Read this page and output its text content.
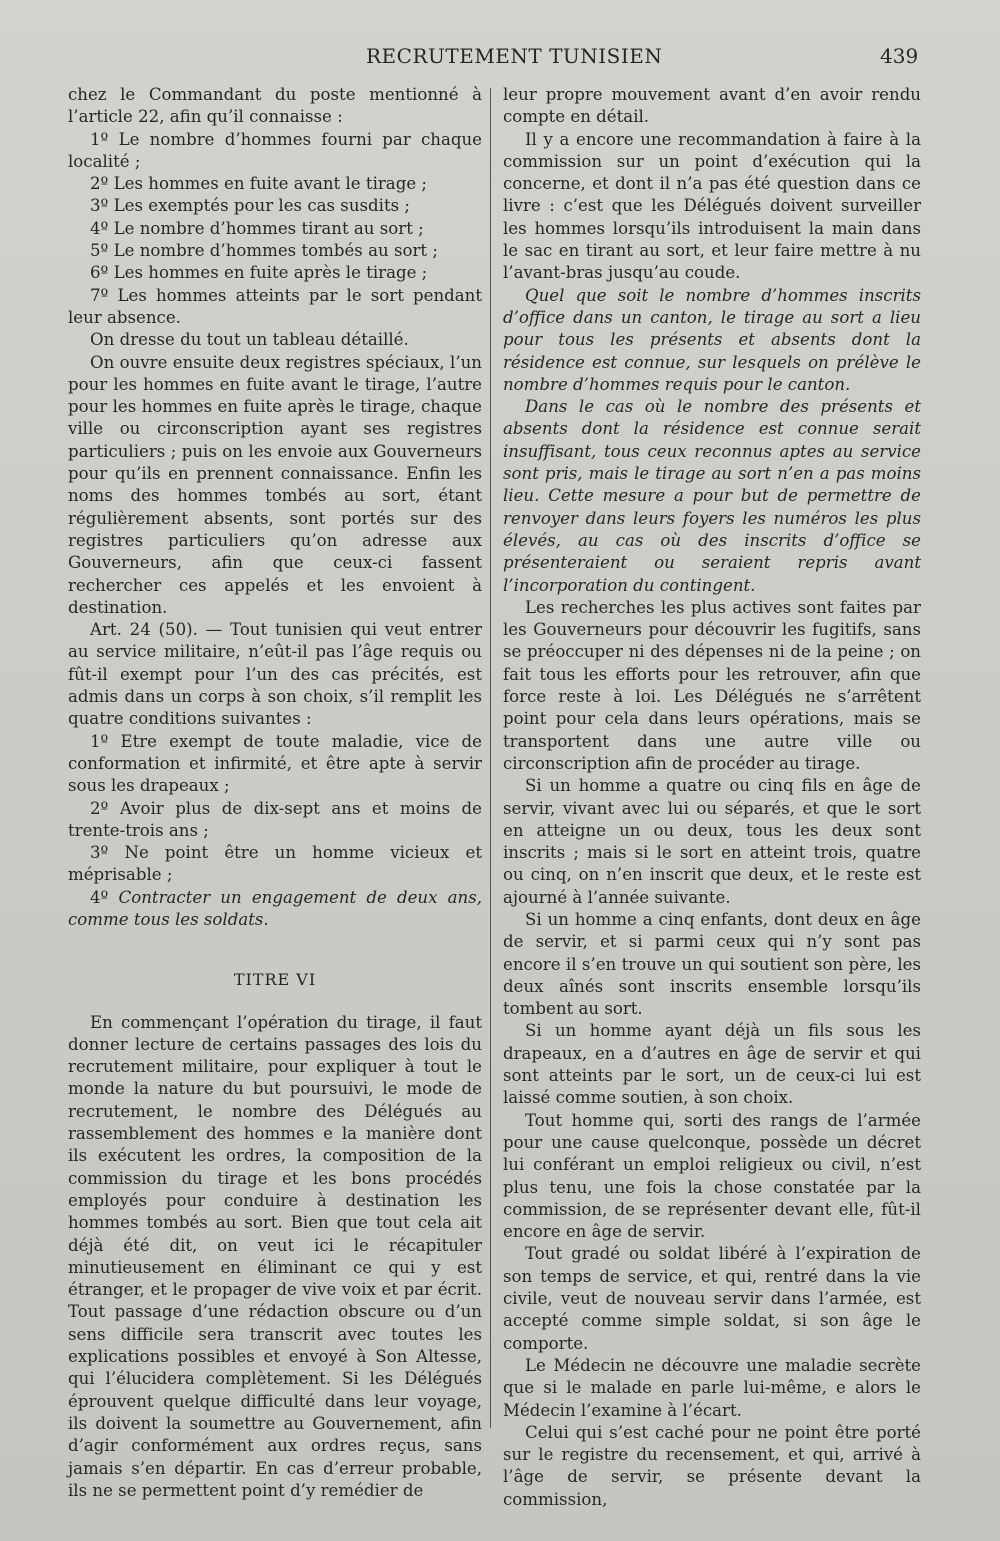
RECRUTEMENT TUNISIEN	439

chez le Commandant du poste mentionné à l’article 22, afin qu’il connaisse :

1º Le nombre d’hommes fourni par chaque localité ;

2º Les hommes en fuite avant le tirage ;

3º Les exemptés pour les cas susdits ;

4º Le nombre d’hommes tirant au sort ;

5º Le nombre d’hommes tombés au sort ;

6º Les hommes en fuite après le tirage ;

7º Les hommes atteints par le sort pendant leur absence.

On dresse du tout un tableau détaillé.

On ouvre ensuite deux registres spéciaux, l’un pour les hommes en fuite avant le tirage, l’autre pour les hommes en fuite après le tirage, chaque ville ou circonscription ayant ses registres particuliers ; puis on les envoie aux Gouverneurs pour qu’ils en prennent connaissance. Enfin les noms des hommes tombés au sort, étant régulièrement absents, sont portés sur des registres particuliers qu’on adresse aux Gouverneurs, afin que ceux-ci fassent rechercher ces appelés et les envoient à destination.

Art. 24 (50). — Tout tunisien qui veut entrer au service militaire, n’eût-il pas l’âge requis ou fût-il exempt pour l’un des cas précités, est admis dans un corps à son choix, s’il remplit les quatre conditions suivantes :

1º Etre exempt de toute maladie, vice de conformation et infirmité, et être apte à servir sous les drapeaux ;

2º Avoir plus de dix-sept ans et moins de trente-trois ans ;

3º Ne point être un homme vicieux et méprisable ;

4º Contracter un engagement de deux ans, comme tous les soldats.

TITRE VI

En commençant l’opération du tirage, il faut donner lecture de certains passages des lois du recrutement militaire, pour expliquer à tout le monde la nature du but poursuivi, le mode de recrutement, le nombre des Délégués au rassemblement des hommes e la manière dont ils exécutent les ordres, la composition de la commission du tirage et les bons procédés employés pour conduire à destination les hommes tombés au sort. Bien que tout cela ait déjà été dit, on veut ici le récapituler minutieusement en éliminant ce qui y est étranger, et le propager de vive voix et par écrit. Tout passage d’une rédaction obscure ou d’un sens difficile sera transcrit avec toutes les explications possibles et envoyé à Son Altesse, qui l’élucidera complètement. Si les Délégués éprouvent quelque difficulté dans leur voyage, ils doivent la soumettre au Gouvernement, afin d’agir conformément aux ordres reçus, sans jamais s’en départir. En cas d’erreur probable, ils ne se permettent point d’y remédier de

leur propre mouvement avant d’en avoir rendu compte en détail.

Il y a encore une recommandation à faire à la commission sur un point d’exécution qui la concerne, et dont il n’a pas été question dans ce livre : c’est que les Délégués doivent surveiller les hommes lorsqu’ils introduisent la main dans le sac en tirant au sort, et leur faire mettre à nu l’avant-bras jusqu’au coude.

Quel que soit le nombre d’hommes inscrits d’office dans un canton, le tirage au sort a lieu pour tous les présents et absents dont la résidence est connue, sur lesquels on prélève le nombre d’hommes requis pour le canton.

Dans le cas où le nombre des présents et absents dont la résidence est connue serait insuffisant, tous ceux reconnus aptes au service sont pris, mais le tirage au sort n’en a pas moins lieu. Cette mesure a pour but de permettre de renvoyer dans leurs foyers les numéros les plus élevés, au cas où des inscrits d’office se présenteraient ou seraient repris avant l’incorporation du contingent.

Les recherches les plus actives sont faites par les Gouverneurs pour découvrir les fugitifs, sans se préoccuper ni des dépenses ni de la peine ; on fait tous les efforts pour les retrouver, afin que force reste à loi. Les Délégués ne s’arrêtent point pour cela dans leurs opérations, mais se transportent dans une autre ville ou circonscription afin de procéder au tirage.

Si un homme a quatre ou cinq fils en âge de servir, vivant avec lui ou séparés, et que le sort en atteigne un ou deux, tous les deux sont inscrits ; mais si le sort en atteint trois, quatre ou cinq, on n’en inscrit que deux, et le reste est ajourné à l’année suivante.

Si un homme a cinq enfants, dont deux en âge de servir, et si parmi ceux qui n’y sont pas encore il s’en trouve un qui soutient son père, les deux aînés sont inscrits ensemble lorsqu’ils tombent au sort.

Si un homme ayant déjà un fils sous les drapeaux, en a d’autres en âge de servir et qui sont atteints par le sort, un de ceux-ci lui est laissé comme soutien, à son choix.

Tout homme qui, sorti des rangs de l’armée pour une cause quelconque, possède un décret lui conférant un emploi religieux ou civil, n’est plus tenu, une fois la chose constatée par la commission, de se représenter devant elle, fût-il encore en âge de servir.

Tout gradé ou soldat libéré à l’expiration de son temps de service, et qui, rentré dans la vie civile, veut de nouveau servir dans l’armée, est accepté comme simple soldat, si son âge le comporte.

Le Médecin ne découvre une maladie secrète que si le malade en parle lui-même, e alors le Médecin l’examine à l’écart.

Celui qui s’est caché pour ne point être porté sur le registre du recensement, et qui, arrivé à l’âge de servir, se présente devant la commission,
